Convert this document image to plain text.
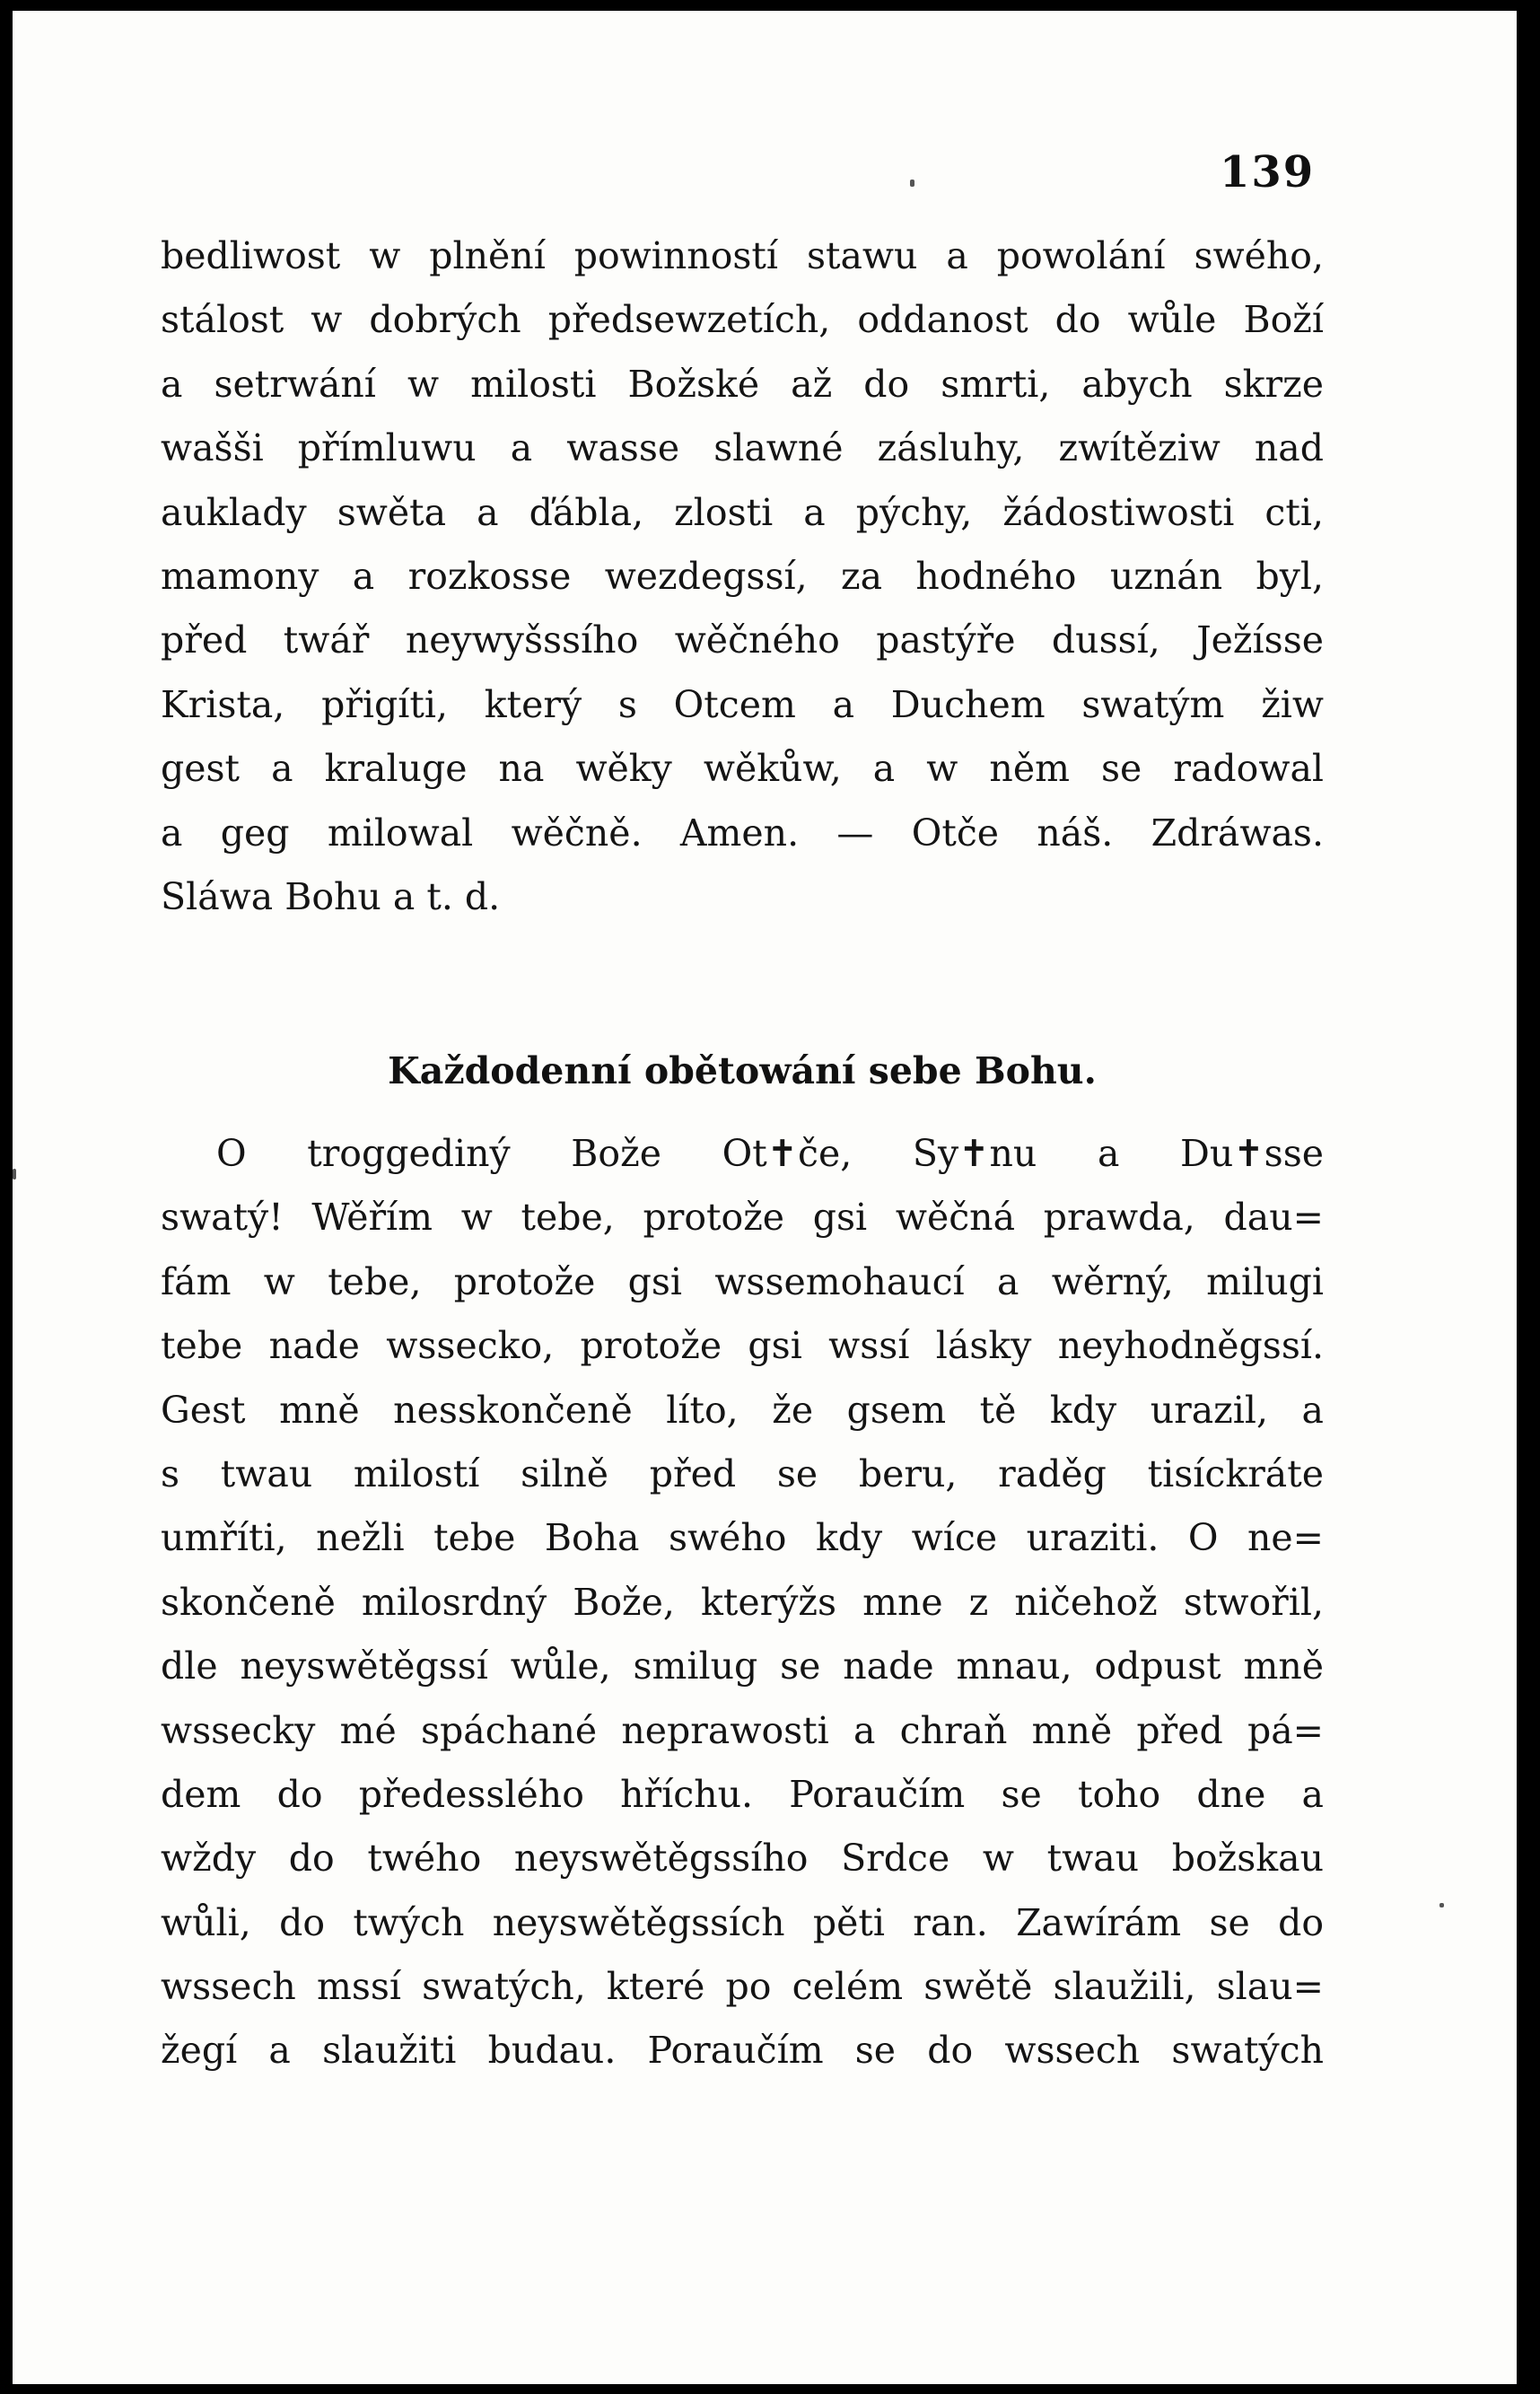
139
bedliwost w plnění powinností stawu a powolání swého,
stálost w dobrých předsewzetích, oddanost do wůle Boží
a setrwání w milosti Božské až do smrti, abych skrze
wašši přímluwu a wasse slawné zásluhy, zwítěziw nad
auklady swěta a ďábla, zlosti a pýchy, žádostiwosti cti,
mamony a rozkosse wezdegssí, za hodného uznán byl,
před twář neywyšssího wěčného pastýře dussí, Ježísse
Krista, přigíti, který s Otcem a Duchem swatým žiw
gest a kraluge na wěky wěkůw, a w něm se radowal
a geg milowal wěčně. Amen. — Otče náš. Zdráwas.
Sláwa Bohu a t. d.
Každodenní obětowání sebe Bohu.
O troggediný Bože Ot✝če, Sy✝nu a Du✝sse
swatý! Wěřím w tebe, protože gsi wěčná prawda, dau=
fám w tebe, protože gsi wssemohaucí a wěrný, milugi
tebe nade wssecko, protože gsi wssí lásky neyhodněgssí.
Gest mně nesskončeně líto, že gsem tě kdy urazil, a
s twau milostí silně před se beru, raděg tisíckráte
umříti, nežli tebe Boha swého kdy wíce uraziti. O ne=
skončeně milosrdný Bože, kterýžs mne z ničehož stwořil,
dle neyswětěgssí wůle, smilug se nade mnau, odpust mně
wssecky mé spáchané neprawosti a chraň mně před pá=
dem do předesslého hříchu. Poraučím se toho dne a
wždy do twého neyswětěgssího Srdce w twau božskau
wůli, do twých neyswětěgssích pěti ran. Zawírám se do
wssech mssí swatých, které po celém swětě slaužili, slau=
žegí a slaužiti budau. Poraučím se do wssech swatých
